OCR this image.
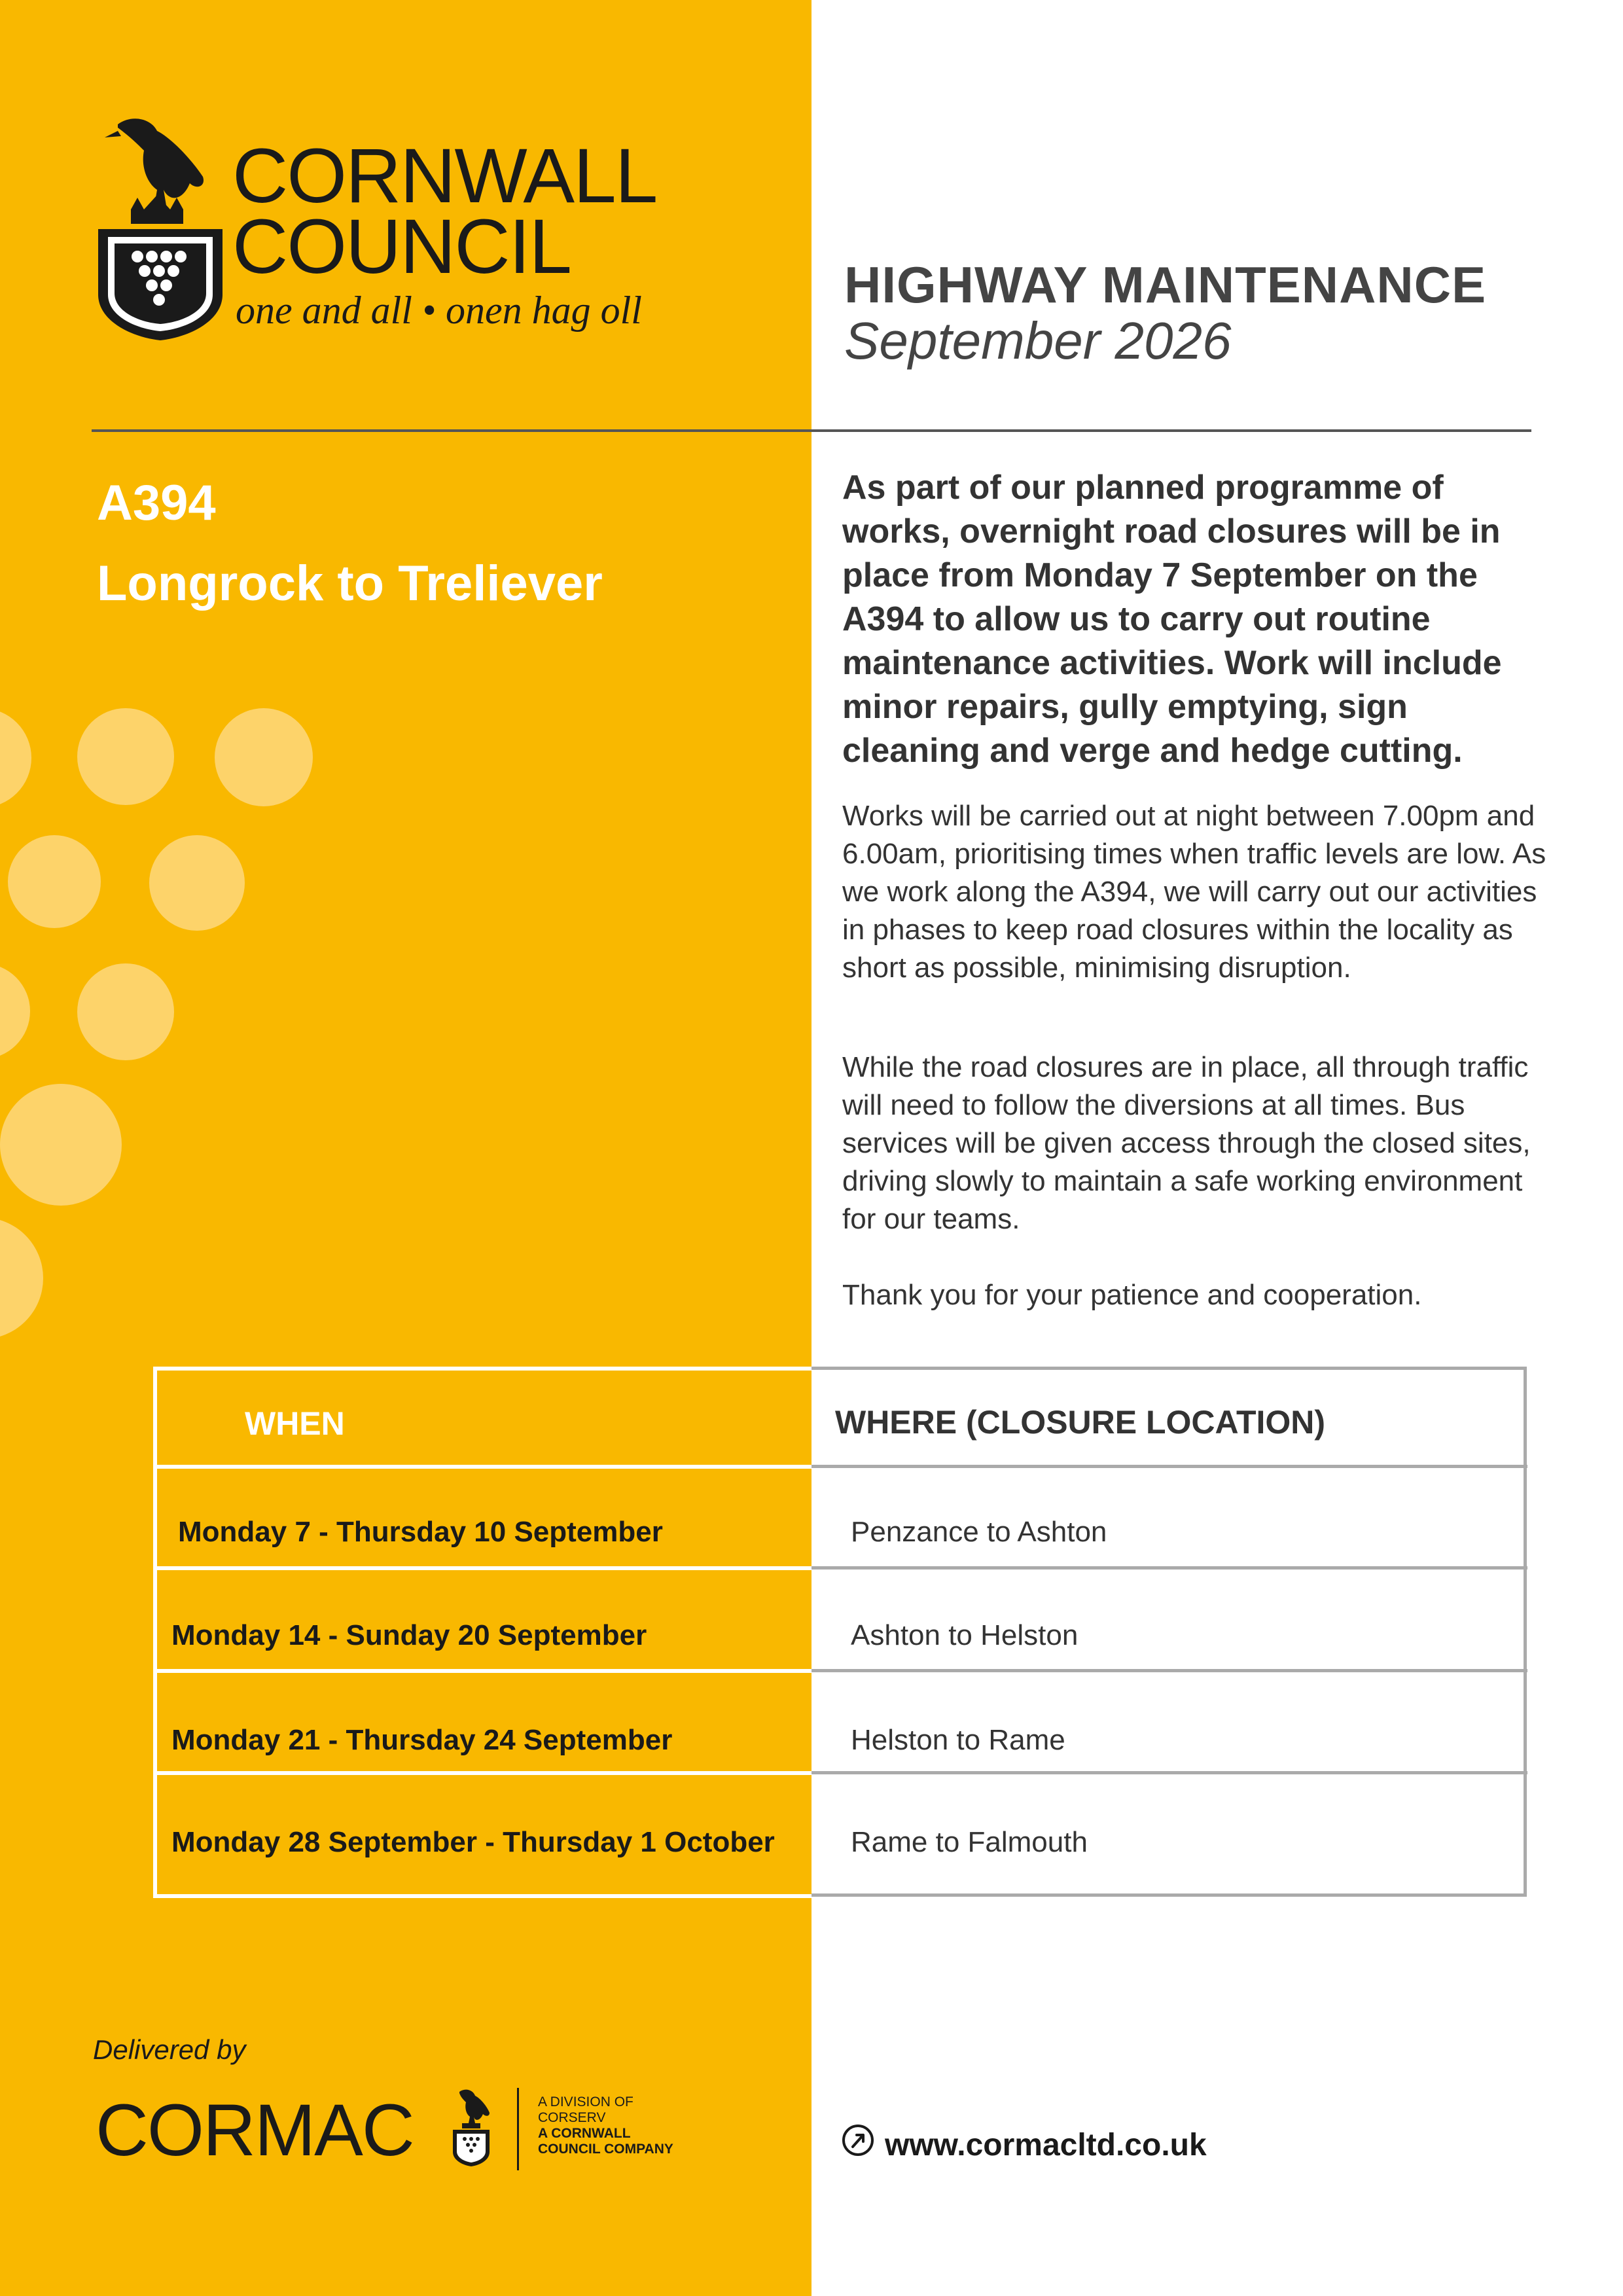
CORNWALL
COUNCIL
one and all • onen hag oll	HIGHWAY MAINTENANCE
September 2026
A394
Longrock to Treliever
As part of our planned programme of works, overnight road closures will be in place from Monday 7 September on the A394 to allow us to carry out routine maintenance activities. Work will include minor repairs, gully emptying, sign cleaning and verge and hedge cutting.
Works will be carried out at night between 7.00pm and 6.00am, prioritising times when traffic levels are low. As we work along the A394, we will carry out our activities in phases to keep road closures within the locality as short as possible, minimising disruption.
While the road closures are in place, all through traffic will need to follow the diversions at all times. Bus services will be given access through the closed sites, driving slowly to maintain a safe working environment for our teams.
Thank you for your patience and cooperation.
WHEN	WHERE (CLOSURE LOCATION)
Monday 7 - Thursday 10 September	Penzance to Ashton
Monday 14 - Sunday 20 September	Ashton to Helston
Monday 21 - Thursday 24 September	Helston to Rame
Monday 28 September - Thursday 1 October	Rame to Falmouth
Delivered by
CORMAC	A DIVISION OF
CORSERV
A CORNWALL
COUNCIL COMPANY	www.cormacltd.co.uk
